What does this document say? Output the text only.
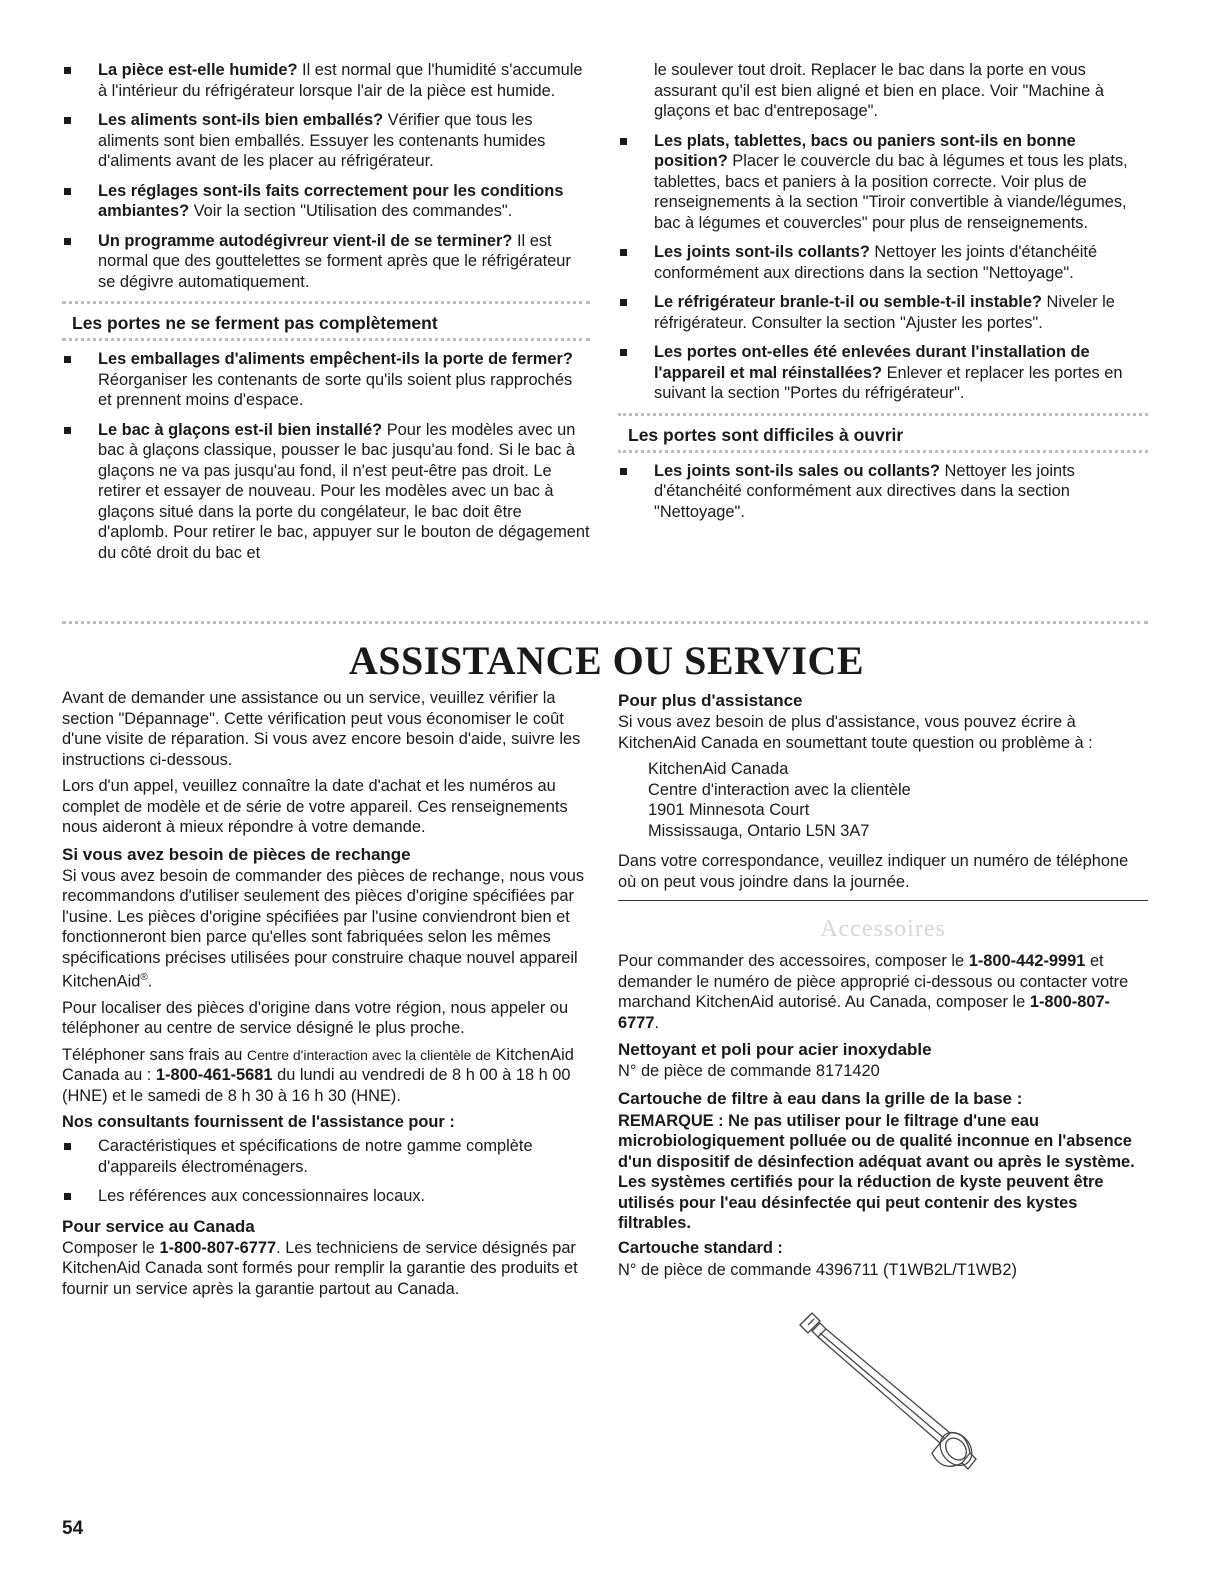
La pièce est-elle humide? Il est normal que l'humidité s'accumule à l'intérieur du réfrigérateur lorsque l'air de la pièce est humide.
Les aliments sont-ils bien emballés? Vérifier que tous les aliments sont bien emballés. Essuyer les contenants humides d'aliments avant de les placer au réfrigérateur.
Les réglages sont-ils faits correctement pour les conditions ambiantes? Voir la section "Utilisation des commandes".
Un programme autodégivreur vient-il de se terminer? Il est normal que des gouttelettes se forment après que le réfrigérateur se dégivre automatiquement.
Les portes ne se ferment pas complètement
Les emballages d'aliments empêchent-ils la porte de fermer? Réorganiser les contenants de sorte qu'ils soient plus rapprochés et prennent moins d'espace.
Le bac à glaçons est-il bien installé? Pour les modèles avec un bac à glaçons classique, pousser le bac jusqu'au fond. Si le bac à glaçons ne va pas jusqu'au fond, il n'est peut-être pas droit. Le retirer et essayer de nouveau. Pour les modèles avec un bac à glaçons situé dans la porte du congélateur, le bac doit être d'aplomb. Pour retirer le bac, appuyer sur le bouton de dégagement du côté droit du bac et

le soulever tout droit. Replacer le bac dans la porte en vous assurant qu'il est bien aligné et bien en place. Voir "Machine à glaçons et bac d'entreposage".

Les plats, tablettes, bacs ou paniers sont-ils en bonne position? Placer le couvercle du bac à légumes et tous les plats, tablettes, bacs et paniers à la position correcte. Voir plus de renseignements à la section "Tiroir convertible à viande/légumes, bac à légumes et couvercles" pour plus de renseignements.
Les joints sont-ils collants? Nettoyer les joints d'étanchéité conformément aux directions dans la section "Nettoyage".
Le réfrigérateur branle-t-il ou semble-t-il instable? Niveler le réfrigérateur. Consulter la section "Ajuster les portes".
Les portes ont-elles été enlevées durant l'installation de l'appareil et mal réinstallées? Enlever et replacer les portes en suivant la section "Portes du réfrigérateur".
Les portes sont difficiles à ouvrir
Les joints sont-ils sales ou collants? Nettoyer les joints d'étanchéité conformément aux directives dans la section "Nettoyage".
ASSISTANCE OU SERVICE

Avant de demander une assistance ou un service, veuillez vérifier la section "Dépannage". Cette vérification peut vous économiser le coût d'une visite de réparation. Si vous avez encore besoin d'aide, suivre les instructions ci-dessous.

Lors d'un appel, veuillez connaître la date d'achat et les numéros au complet de modèle et de série de votre appareil. Ces renseignements nous aideront à mieux répondre à votre demande.

Si vous avez besoin de pièces de rechange

Si vous avez besoin de commander des pièces de rechange, nous vous recommandons d'utiliser seulement des pièces d'origine spécifiées par l'usine. Les pièces d'origine spécifiées par l'usine conviendront bien et fonctionneront bien parce qu'elles sont fabriquées selon les mêmes spécifications précises utilisées pour construire chaque nouvel appareil KitchenAid®.

Pour localiser des pièces d'origine dans votre région, nous appeler ou téléphoner au centre de service désigné le plus proche.

Téléphoner sans frais au Centre d'interaction avec la clientèle de KitchenAid Canada au : 1-800-461-5681 du lundi au vendredi de 8 h 00 à 18 h 00 (HNE) et le samedi de 8 h 30 à 16 h 30 (HNE).

Nos consultants fournissent de l'assistance pour :
Caractéristiques et spécifications de notre gamme complète d'appareils électroménagers.
Les références aux concessionnaires locaux.
Pour service au Canada

Composer le 1-800-807-6777. Les techniciens de service désignés par KitchenAid Canada sont formés pour remplir la garantie des produits et fournir un service après la garantie partout au Canada.

Pour plus d'assistance

Si vous avez besoin de plus d'assistance, vous pouvez écrire à KitchenAid Canada en soumettant toute question ou problème à :

KitchenAid Canada

Centre d'interaction avec la clientèle

1901 Minnesota Court

Mississauga, Ontario L5N 3A7

Dans votre correspondance, veuillez indiquer un numéro de téléphone où on peut vous joindre dans la journée.

Accessoires

Pour commander des accessoires, composer le 1-800-442-9991 et demander le numéro de pièce approprié ci-dessous ou contacter votre marchand KitchenAid autorisé. Au Canada, composer le 1-800-807-6777.

Nettoyant et poli pour acier inoxydable

N° de pièce de commande 8171420

Cartouche de filtre à eau dans la grille de la base :

REMARQUE : Ne pas utiliser pour le filtrage d'une eau microbiologiquement polluée ou de qualité inconnue en l'absence d'un dispositif de désinfection adéquat avant ou après le système. Les systèmes certifiés pour la réduction de kyste peuvent être utilisés pour l'eau désinfectée qui peut contenir des kystes filtrables.

Cartouche standard :

N° de pièce de commande 4396711 (T1WB2L/T1WB2)

54
